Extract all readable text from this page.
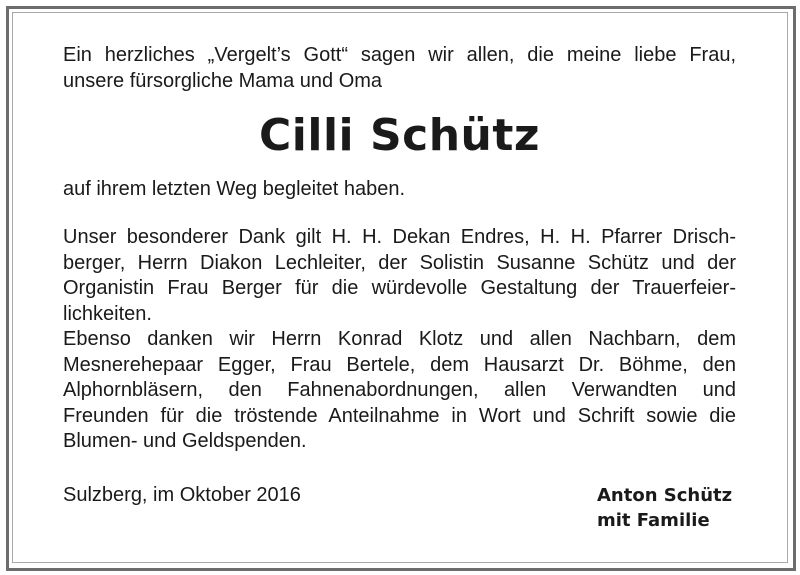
Ein herzliches „Vergelt’s Gott“ sagen wir allen, die meine liebe Frau,
unsere fürsorgliche Mama und Oma

Cilli Schütz

auf ihrem letzten Weg begleitet haben.

Unser besonderer Dank gilt H. H. Dekan Endres, H. H. Pfarrer Drisch-
berger, Herrn Diakon Lechleiter, der Solistin Susanne Schütz und der
Organistin Frau Berger für die würdevolle Gestaltung der Trauerfeier-
lichkeiten.
Ebenso danken wir Herrn Konrad Klotz und allen Nachbarn, dem
Mesnerehepaar Egger, Frau Bertele, dem Hausarzt Dr. Böhme, den
Alphornbläsern, den Fahnenabordnungen, allen Verwandten und
Freunden für die tröstende Anteilnahme in Wort und Schrift sowie die
Blumen- und Geldspenden.

Sulzberg, im Oktober 2016	Anton Schütz
mit Familie
